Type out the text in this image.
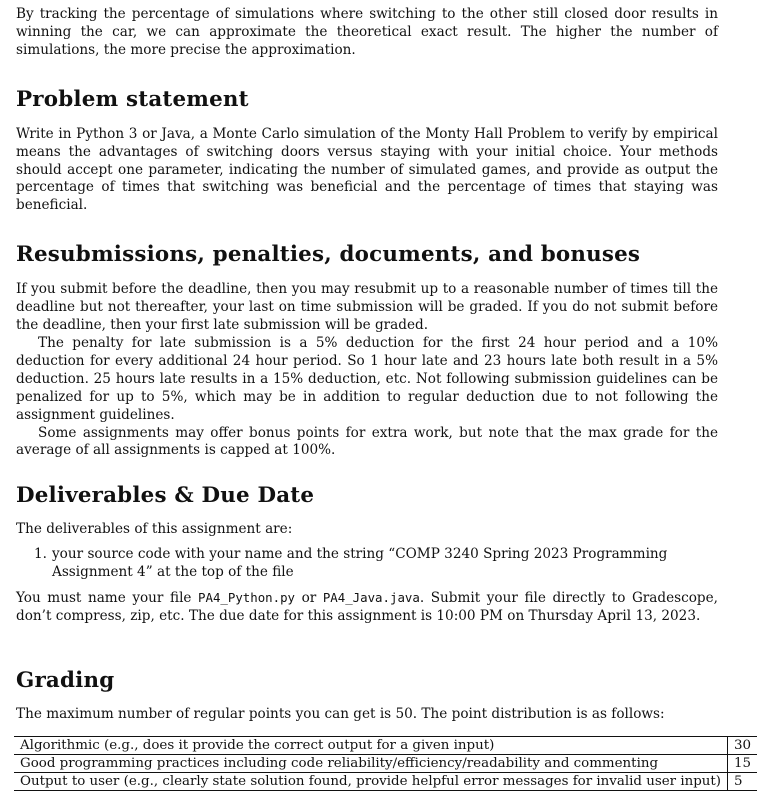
By tracking the percentage of simulations where switching to the other still closed door results in winning the car, we can approximate the theoretical exact result. The higher the number of simulations, the more precise the approximation.

Problem statement

Write in Python 3 or Java, a Monte Carlo simulation of the Monty Hall Problem to verify by empirical means the advantages of switching doors versus staying with your initial choice. Your methods should accept one parameter, indicating the number of simulated games, and provide as output the percentage of times that switching was beneficial and the percentage of times that staying was beneficial.

Resubmissions, penalties, documents, and bonuses

If you submit before the deadline, then you may resubmit up to a reasonable number of times till the deadline but not thereafter, your last on time submission will be graded. If you do not submit before the deadline, then your first late submission will be graded.

The penalty for late submission is a 5% deduction for the first 24 hour period and a 10% deduction for every additional 24 hour period. So 1 hour late and 23 hours late both result in a 5% deduction. 25 hours late results in a 15% deduction, etc. Not following submission guidelines can be penalized for up to 5%, which may be in addition to regular deduction due to not following the assignment guidelines.

Some assignments may offer bonus points for extra work, but note that the max grade for the average of all assignments is capped at 100%.

Deliverables & Due Date

The deliverables of this assignment are:

1. your source code with your name and the string “COMP 3240 Spring 2023 Programming Assignment 4” at the top of the file

You must name your file PA4_Python.py or PA4_Java.java. Submit your file directly to Gradescope, don’t compress, zip, etc. The due date for this assignment is 10:00 PM on Thursday April 13, 2023.

Grading

The maximum number of regular points you can get is 50. The point distribution is as follows:

Algorithmic (e.g., does it provide the correct output for a given input)	30
Good programming practices including code reliability/efficiency/readability and commenting	15
Output to user (e.g., clearly state solution found, provide helpful error messages for invalid user input)	5
